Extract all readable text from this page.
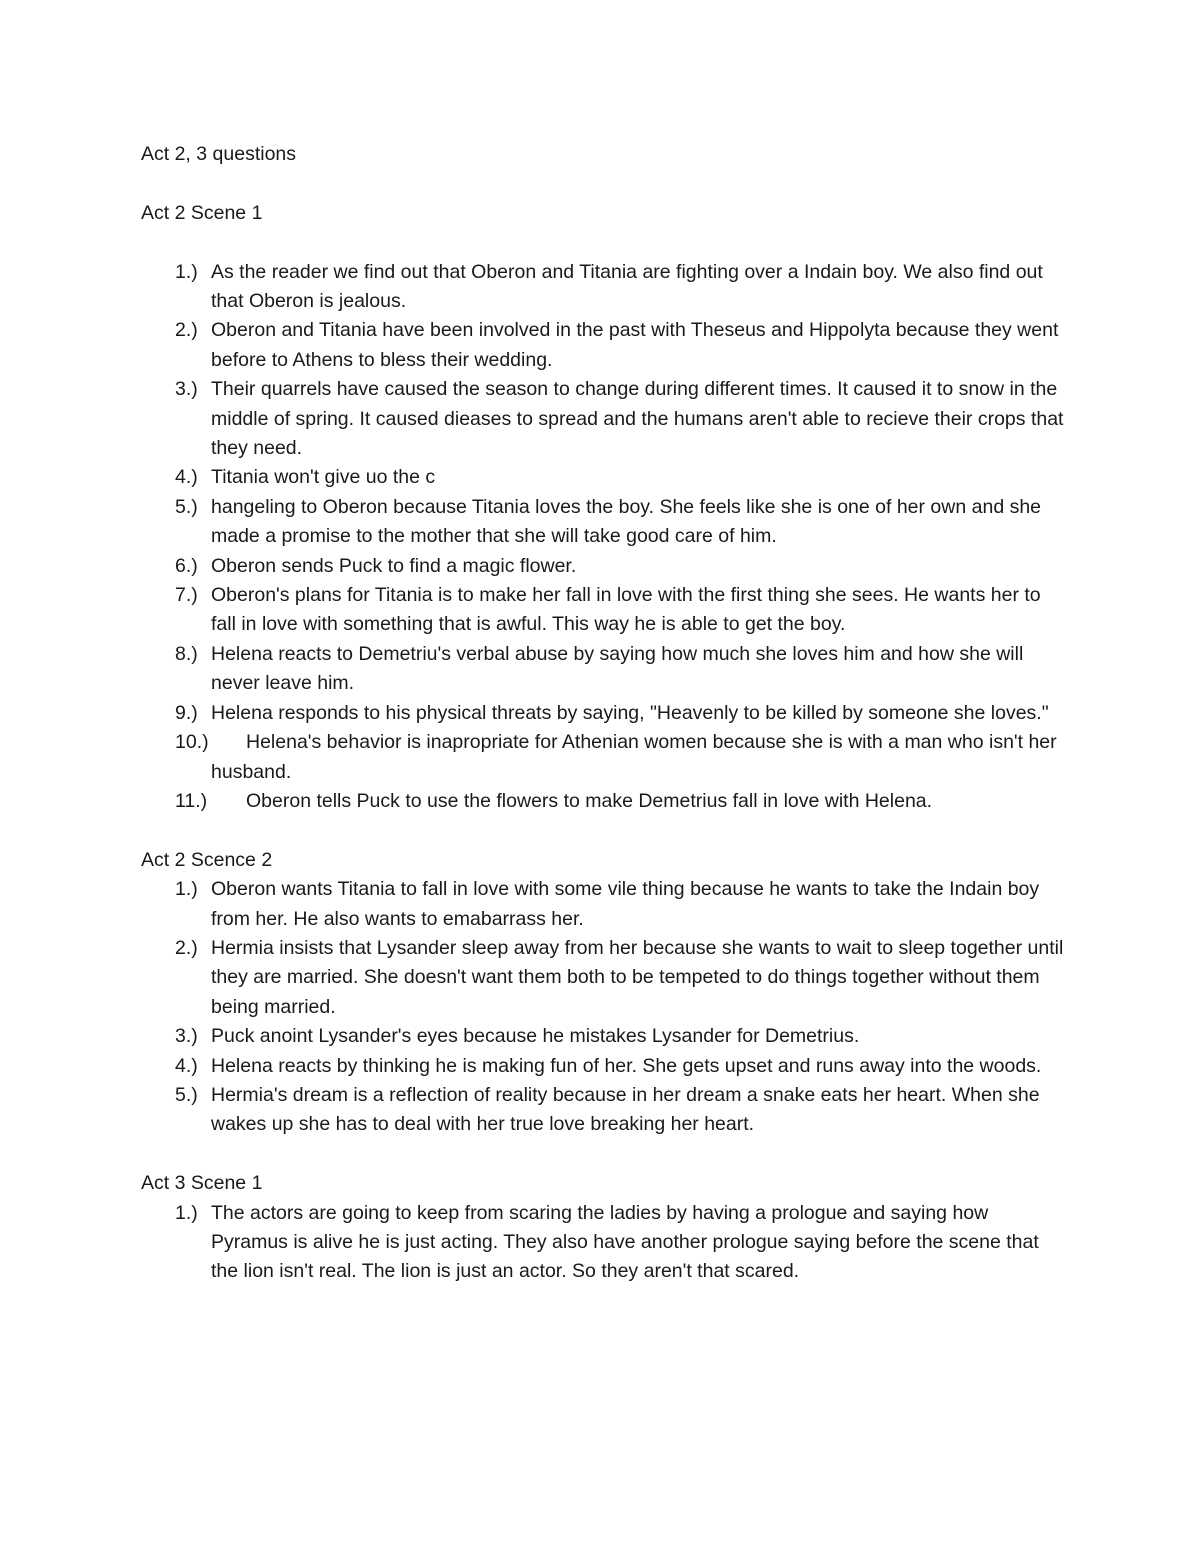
Act 2, 3 questions
Act 2 Scene 1
1.) As the reader we find out that Oberon and Titania are fighting over a Indain boy. We also find out that Oberon is jealous.
2.) Oberon and Titania have been involved in the past with Theseus and Hippolyta because they went before to Athens to bless their wedding.
3.) Their quarrels have caused the season to change during different times. It caused it to snow in the middle of spring. It caused dieases to spread and the humans aren't able to recieve their crops that they need.
4.) Titania won't give uo the c
5.) hangeling to Oberon because Titania loves the boy. She feels like she is one of her own and she made a promise to the mother that she will take good care of him.
6.) Oberon sends Puck to find a magic flower.
7.) Oberon's plans for Titania is to make her fall in love with the first thing she sees. He wants her to fall in love with something that is awful. This way he is able to get the boy.
8.) Helena reacts to Demetriu's verbal abuse by saying how much she loves him and how she will never leave him.
9.) Helena responds to his physical threats by saying, "Heavenly to be killed by someone she loves."
10.) Helena's behavior is inapropriate for Athenian women because she is with a man who isn't her husband.
11.) Oberon tells Puck to use the flowers to make Demetrius fall in love with Helena.
Act 2 Scence 2
1.) Oberon wants Titania to fall in love with some vile thing because he wants to take the Indain boy from her. He also wants to emabarrass her.
2.) Hermia insists that Lysander sleep away from her because she wants to wait to sleep together until they are married. She doesn't want them both to be tempeted to do things together without them being married.
3.) Puck anoint Lysander's eyes because he mistakes Lysander for Demetrius.
4.) Helena reacts by thinking he is making fun of her. She gets upset and runs away into the woods.
5.) Hermia's dream is a reflection of reality because in her dream a snake eats her heart. When she wakes up she has to deal with her true love breaking her heart.
Act 3 Scene 1
1.) The actors are going to keep from scaring the ladies by having a prologue and saying how Pyramus is alive he is just acting. They also have another prologue saying before the scene that the lion isn't real. The lion is just an actor. So they aren't that scared.
